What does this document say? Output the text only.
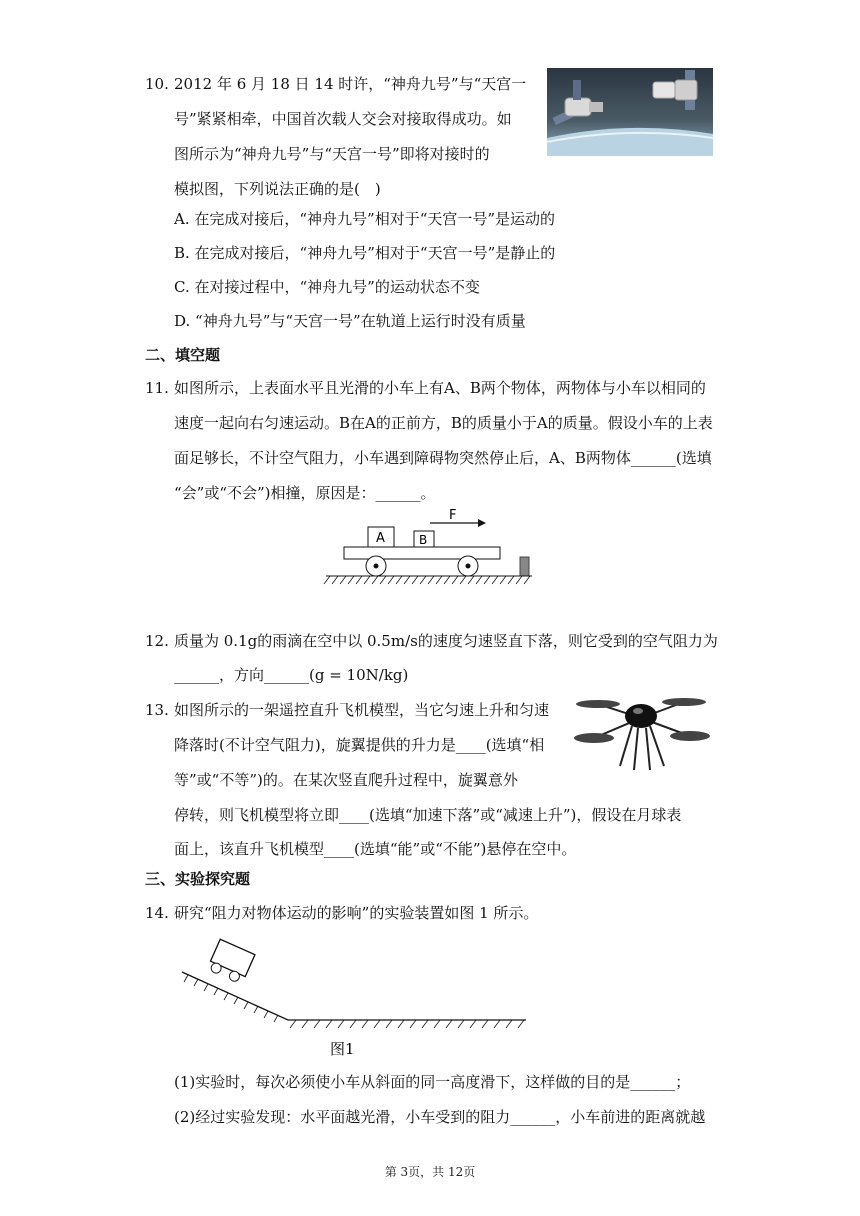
10. 2012 年 6 月 18 日 14 时许，“神舟九号”与“天宫一
号”紧紧相牵，中国首次载人交会对接取得成功。如
图所示为“神舟九号”与“天宫一号”即将对接时的
模拟图，下列说法正确的是(　)
A. 在完成对接后，“神舟九号”相对于“天宫一号”是运动的
B. 在完成对接后，“神舟九号”相对于“天宫一号”是静止的
C. 在对接过程中，“神舟九号”的运动状态不变
D. “神舟九号”与“天宫一号”在轨道上运行时没有质量
二、填空题
11. 如图所示，上表面水平且光滑的小车上有A、B两个物体，两物体与小车以相同的
速度一起向右匀速运动。B在A的正前方，B的质量小于A的质量。假设小车的上表
面足够长，不计空气阻力，小车遇到障碍物突然停止后，A、B两物体______(选填
“会”或“不会”)相撞，原因是：______。
F
A	B
12. 质量为 0.1g的雨滴在空中以 0.5m/s的速度匀速竖直下落，则它受到的空气阻力为
______，方向______(g = 10N/kg)
13. 如图所示的一架遥控直升飞机模型，当它匀速上升和匀速
降落时(不计空气阻力)，旋翼提供的升力是____(选填“相
等”或“不等”)的。在某次竖直爬升过程中，旋翼意外
停转，则飞机模型将立即____(选填“加速下落”或“减速上升”)，假设在月球表
面上，该直升飞机模型____(选填“能”或“不能”)悬停在空中。
三、实验探究题
14. 研究“阻力对物体运动的影响”的实验装置如图 1 所示。
图1
(1)实验时，每次必须使小车从斜面的同一高度滑下，这样做的目的是______；
(2)经过实验发现：水平面越光滑，小车受到的阻力______，小车前进的距离就越
第 3页，共 12页
